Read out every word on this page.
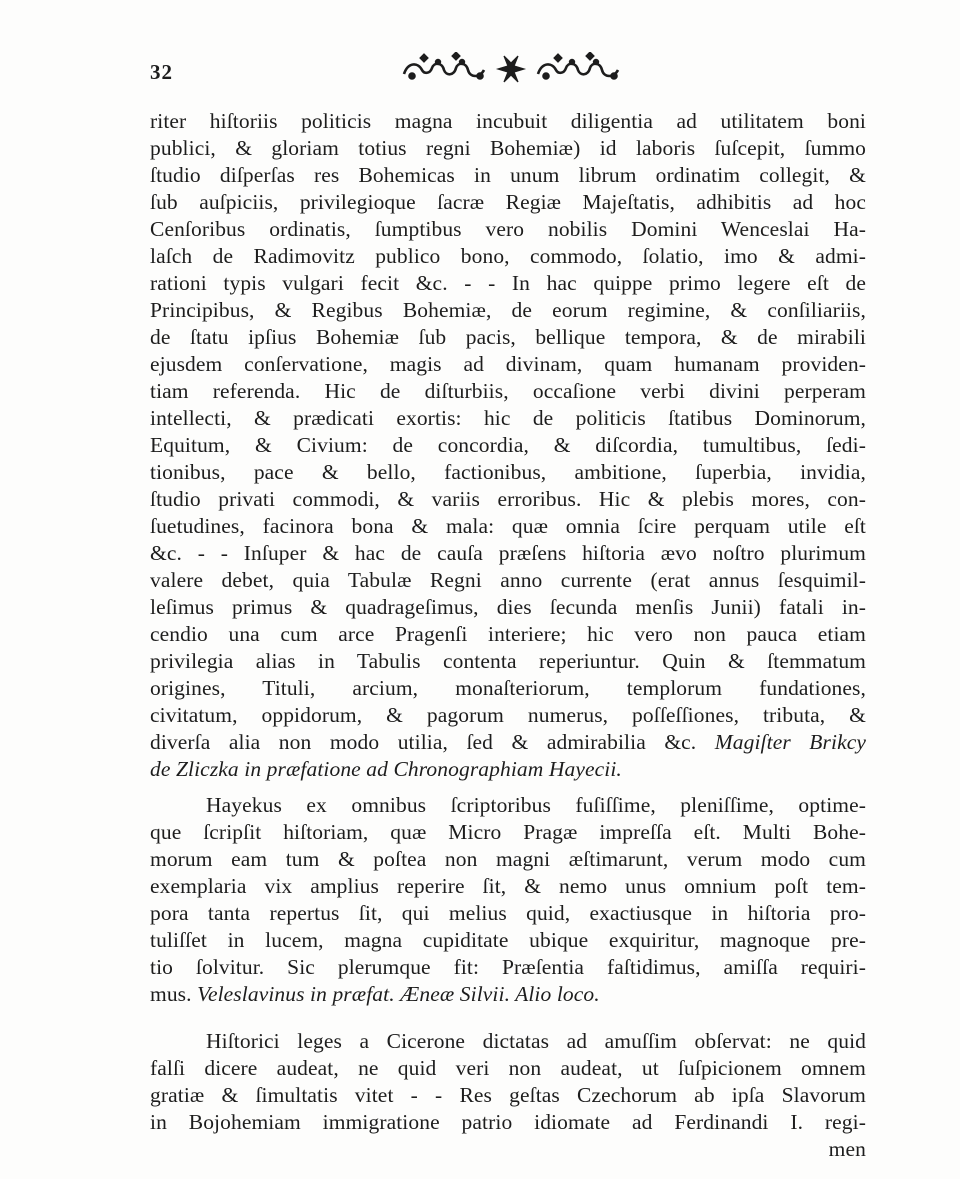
32
riter hiſtoriis politicis magna incubuit diligentia ad utilitatem boni
publici, & gloriam totius regni Bohemiæ) id laboris ſuſcepit, ſummo
ſtudio diſperſas res Bohemicas in unum librum ordinatim collegit, &
ſub auſpiciis, privilegioque ſacræ Regiæ Majeſtatis, adhibitis ad hoc
Cenſoribus ordinatis, ſumptibus vero nobilis Domini Wenceslai Ha-
laſch de Radimovitz publico bono, commodo, ſolatio, imo & admi-
rationi typis vulgari fecit &c. - - In hac quippe primo legere eſt de
Principibus, & Regibus Bohemiæ, de eorum regimine, & conſiliariis,
de ſtatu ipſius Bohemiæ ſub pacis, bellique tempora, & de mirabili
ejusdem conſervatione, magis ad divinam, quam humanam providen-
tiam referenda. Hic de diſturbiis, occaſione verbi divini perperam
intellecti, & prædicati exortis: hic de politicis ſtatibus Dominorum,
Equitum, & Civium: de concordia, & diſcordia, tumultibus, ſedi-
tionibus, pace & bello, factionibus, ambitione, ſuperbia, invidia,
ſtudio privati commodi, & variis erroribus. Hic & plebis mores, con-
ſuetudines, facinora bona & mala: quæ omnia ſcire perquam utile eſt
&c. - - Inſuper & hac de cauſa præſens hiſtoria ævo noſtro plurimum
valere debet, quia Tabulæ Regni anno currente (erat annus ſesquimil-
leſimus primus & quadrageſimus, dies ſecunda menſis Junii) fatali in-
cendio una cum arce Pragenſi interiere; hic vero non pauca etiam
privilegia alias in Tabulis contenta reperiuntur. Quin & ſtemmatum
origines, Tituli, arcium, monaſteriorum, templorum fundationes,
civitatum, oppidorum, & pagorum numerus, poſſeſſiones, tributa, &
diverſa alia non modo utilia, ſed & admirabilia &c. Magiſter Brikcy
de Zliczka in præfatione ad Chronographiam Hayecii.
Hayekus ex omnibus ſcriptoribus fuſiſſime, pleniſſime, optime-
que ſcripſit hiſtoriam, quæ Micro Pragæ impreſſa eſt. Multi Bohe-
morum eam tum & poſtea non magni æſtimarunt, verum modo cum
exemplaria vix amplius reperire ſit, & nemo unus omnium poſt tem-
pora tanta repertus ſit, qui melius quid, exactiusque in hiſtoria pro-
tuliſſet in lucem, magna cupiditate ubique exquiritur, magnoque pre-
tio ſolvitur. Sic plerumque fit: Præſentia faſtidimus, amiſſa requiri-
mus. Veleslavinus in præfat. Æneæ Silvii. Alio loco.
Hiſtorici leges a Cicerone dictatas ad amuſſim obſervat: ne quid
falſi dicere audeat, ne quid veri non audeat, ut ſuſpicionem omnem
gratiæ & ſimultatis vitet - - Res geſtas Czechorum ab ipſa Slavorum
in Bojohemiam immigratione patrio idiomate ad Ferdinandi I. regi-
men
